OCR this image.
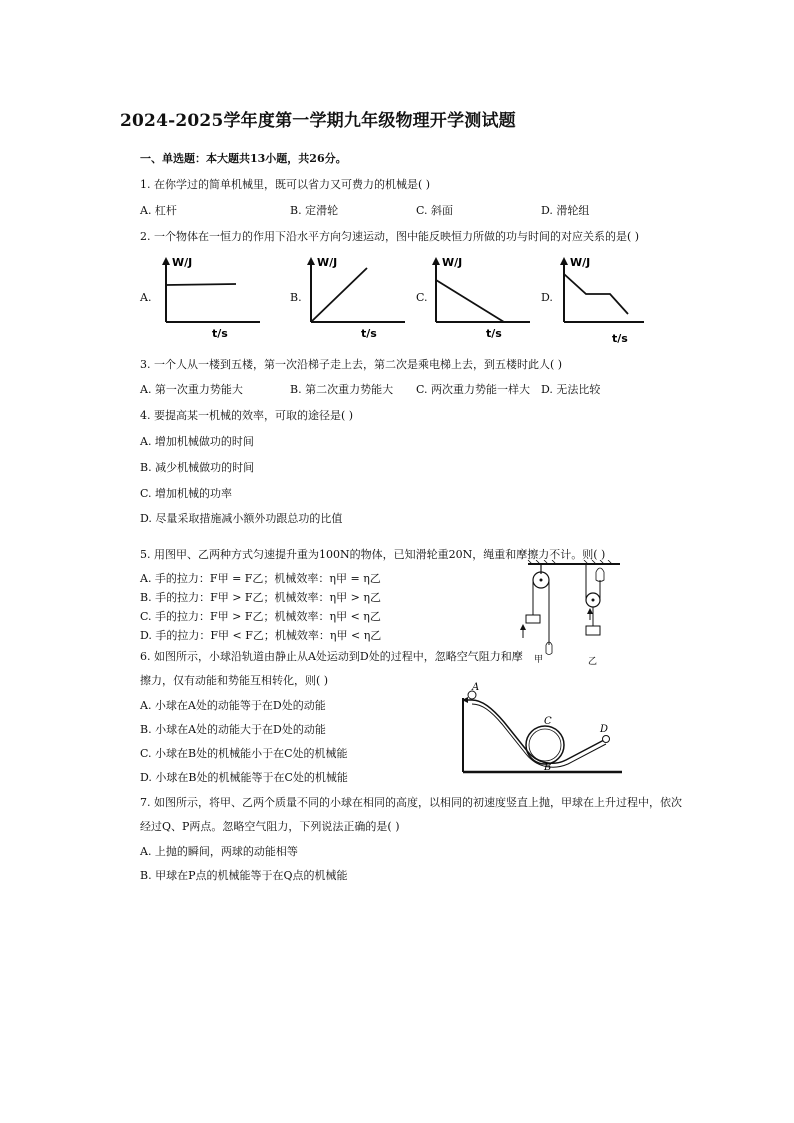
2024-2025学年度第一学期九年级物理开学测试题
一、单选题：本大题共13小题，共26分。
1. 在你学过的简单机械里，既可以省力又可费力的机械是( )
A. 杠杆	B. 定滑轮	C. 斜面	D. 滑轮组
2. 一个物体在一恒力的作用下沿水平方向匀速运动，图中能反映恒力所做的功与时间的对应关系的是( )
A.	B.	C.	D.
W/J
t/s
W/J
t/s
W/J
t/s
W/J
t/s
3. 一个人从一楼到五楼，第一次沿梯子走上去，第二次是乘电梯上去，到五楼时此人( )
A. 第一次重力势能大	B. 第二次重力势能大 C. 两次重力势能一样大 D. 无法比较
4. 要提高某一机械的效率，可取的途径是( )
A. 增加机械做功的时间
B. 减少机械做功的时间
C. 增加机械的功率
D. 尽量采取措施减小额外功跟总功的比值
5. 用图甲、乙两种方式匀速提升重为100N的物体，已知滑轮重20N，绳重和摩擦力不计。则( )
A. 手的拉力：F甲 = F乙；机械效率：η甲 = η乙
B. 手的拉力：F甲 > F乙；机械效率：η甲 > η乙
C. 手的拉力：F甲 > F乙；机械效率：η甲 < η乙
D. 手的拉力：F甲 < F乙；机械效率：η甲 < η乙
甲	乙
6. 如图所示，小球沿轨道由静止从A处运动到D处的过程中，忽略空气阻力和摩
擦力，仅有动能和势能互相转化，则( )
A. 小球在A处的动能等于在D处的动能
B. 小球在A处的动能大于在D处的动能
C. 小球在B处的机械能小于在C处的机械能
D. 小球在B处的机械能等于在C处的机械能
A
B
C
D
7. 如图所示，将甲、乙两个质量不同的小球在相同的高度，以相同的初速度竖直上抛，甲球在上升过程中，依次
经过Q、P两点。忽略空气阻力，下列说法正确的是( )
A. 上抛的瞬间，两球的动能相等
B. 甲球在P点的机械能等于在Q点的机械能
